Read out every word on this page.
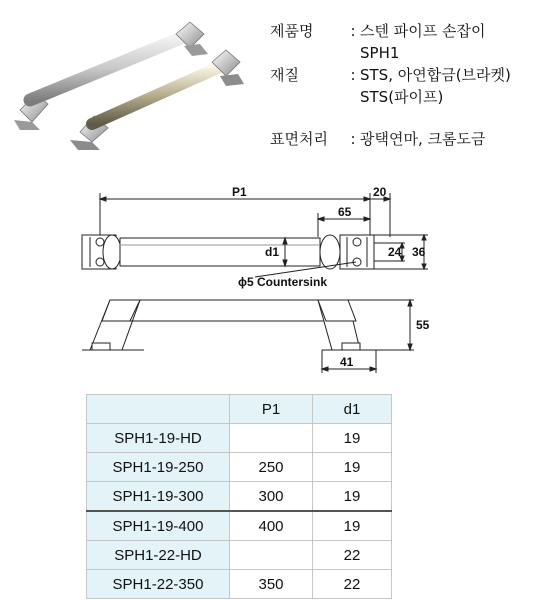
제품명	: 스텐 파이프 손잡이
SPH1
재질	: STS, 아연합금(브라켓)
STS(파이프)
표면처리	: 광택연마, 크롬도금
P1	20
65
d1	24 36
ϕ5 Countersink
55
41
	P1	d1
SPH1-19-HD		19
SPH1-19-250	250	19
SPH1-19-300	300	19
SPH1-19-400	400	19
SPH1-22-HD		22
SPH1-22-350	350	22
